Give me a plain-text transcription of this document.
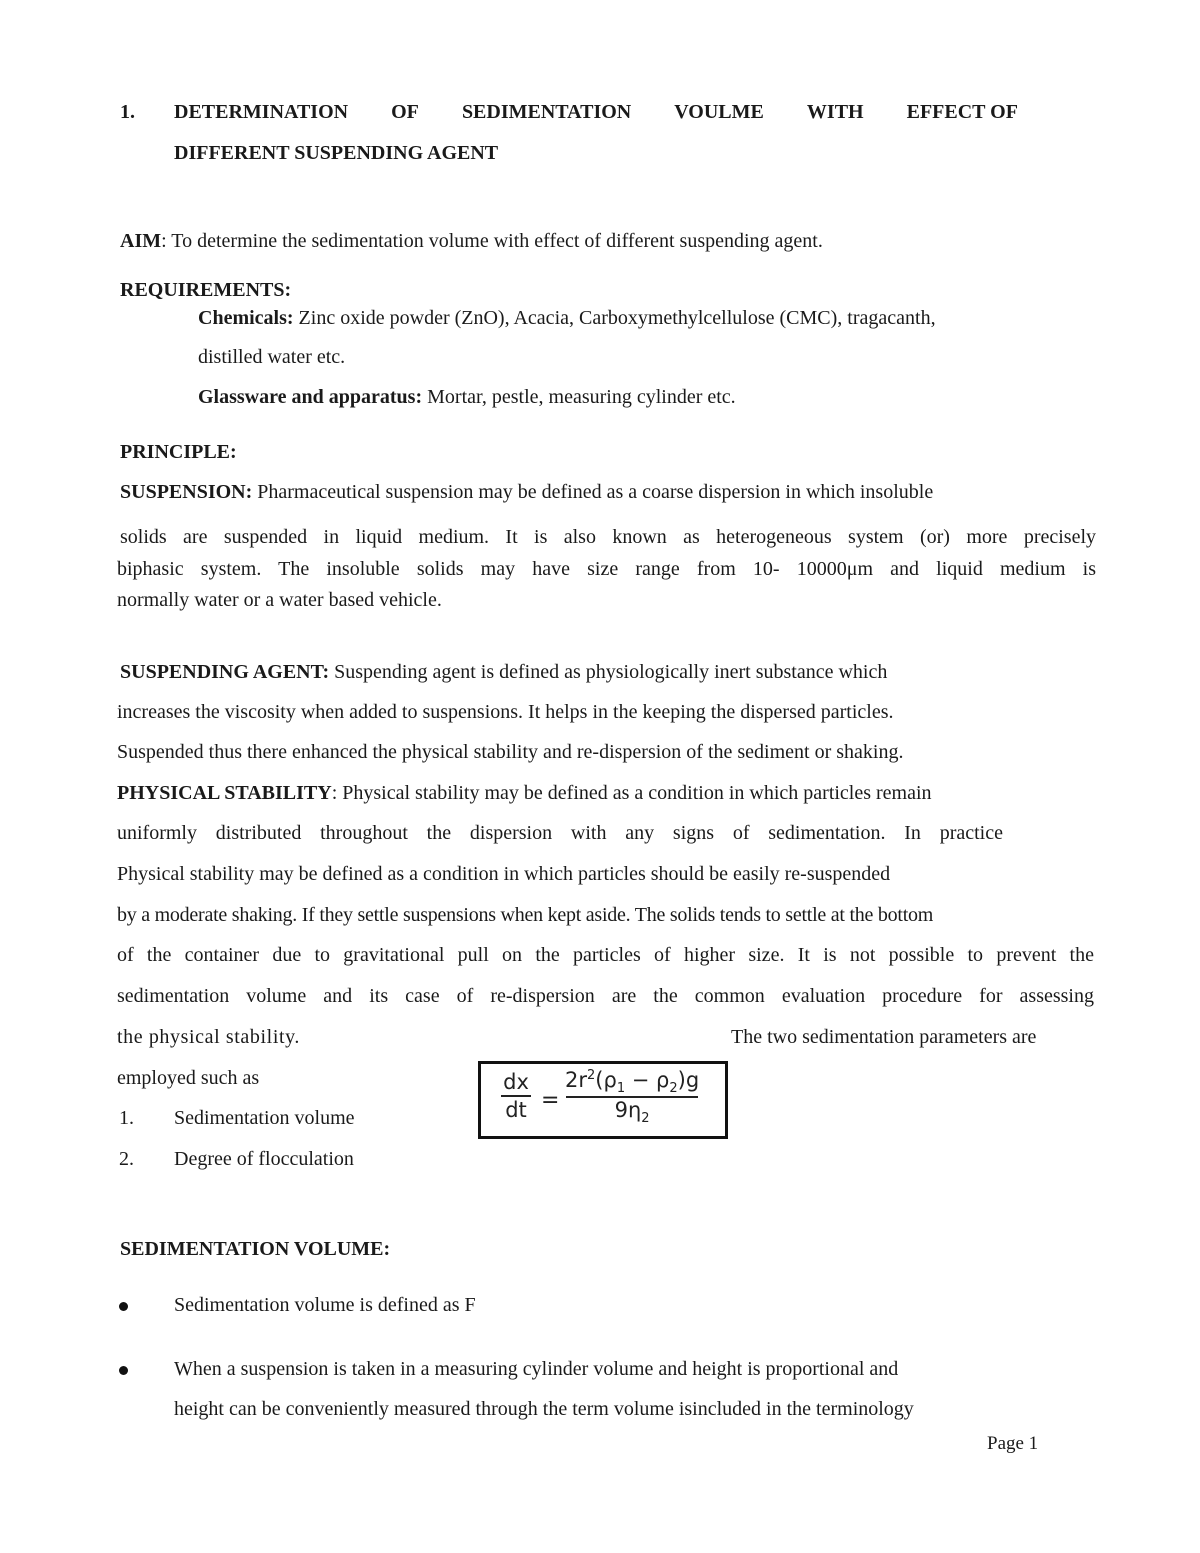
1. DETERMINATION OF SEDIMENTATION VOULME WITH EFFECT OF
DIFFERENT SUSPENDING AGENT
AIM: To determine the sedimentation volume with effect of different suspending agent.
REQUIREMENTS:
Chemicals: Zinc oxide powder (ZnO), Acacia, Carboxymethylcellulose (CMC), tragacanth,
distilled water etc.
Glassware and apparatus: Mortar, pestle, measuring cylinder etc.
PRINCIPLE:
SUSPENSION: Pharmaceutical suspension may be defined as a coarse dispersion in which insoluble
solids are suspended in liquid medium. It is also known as heterogeneous system (or) more precisely
biphasic system. The insoluble solids may have size range from 10- 10000μm and liquid medium is
normally water or a water based vehicle.
SUSPENDING AGENT: Suspending agent is defined as physiologically inert substance which
increases the viscosity when added to suspensions. It helps in the keeping the dispersed particles.
Suspended thus there enhanced the physical stability and re-dispersion of the sediment or shaking.
PHYSICAL STABILITY: Physical stability may be defined as a condition in which particles remain
uniformly distributed throughout the dispersion with any signs of sedimentation. In practice
Physical stability may be defined as a condition in which particles should be easily re-suspended
by a moderate shaking. If they settle suspensions when kept aside. The solids tends to settle at the bottom
of the container due to gravitational pull on the particles of higher size. It is not possible to prevent the
sedimentation volume and its case of re-dispersion are the common evaluation procedure for assessing
the physical stability.	The two sedimentation parameters are
employed such as
1. Sedimentation volume
2. Degree of flocculation
dx
dt =
$2r^2(\rho_1 - \rho_2)g$
$9\eta_2$
SEDIMENTATION VOLUME:
Sedimentation volume is defined as F
When a suspension is taken in a measuring cylinder volume and height is proportional and
height can be conveniently measured through the term volume isincluded in the terminology
Page 1
